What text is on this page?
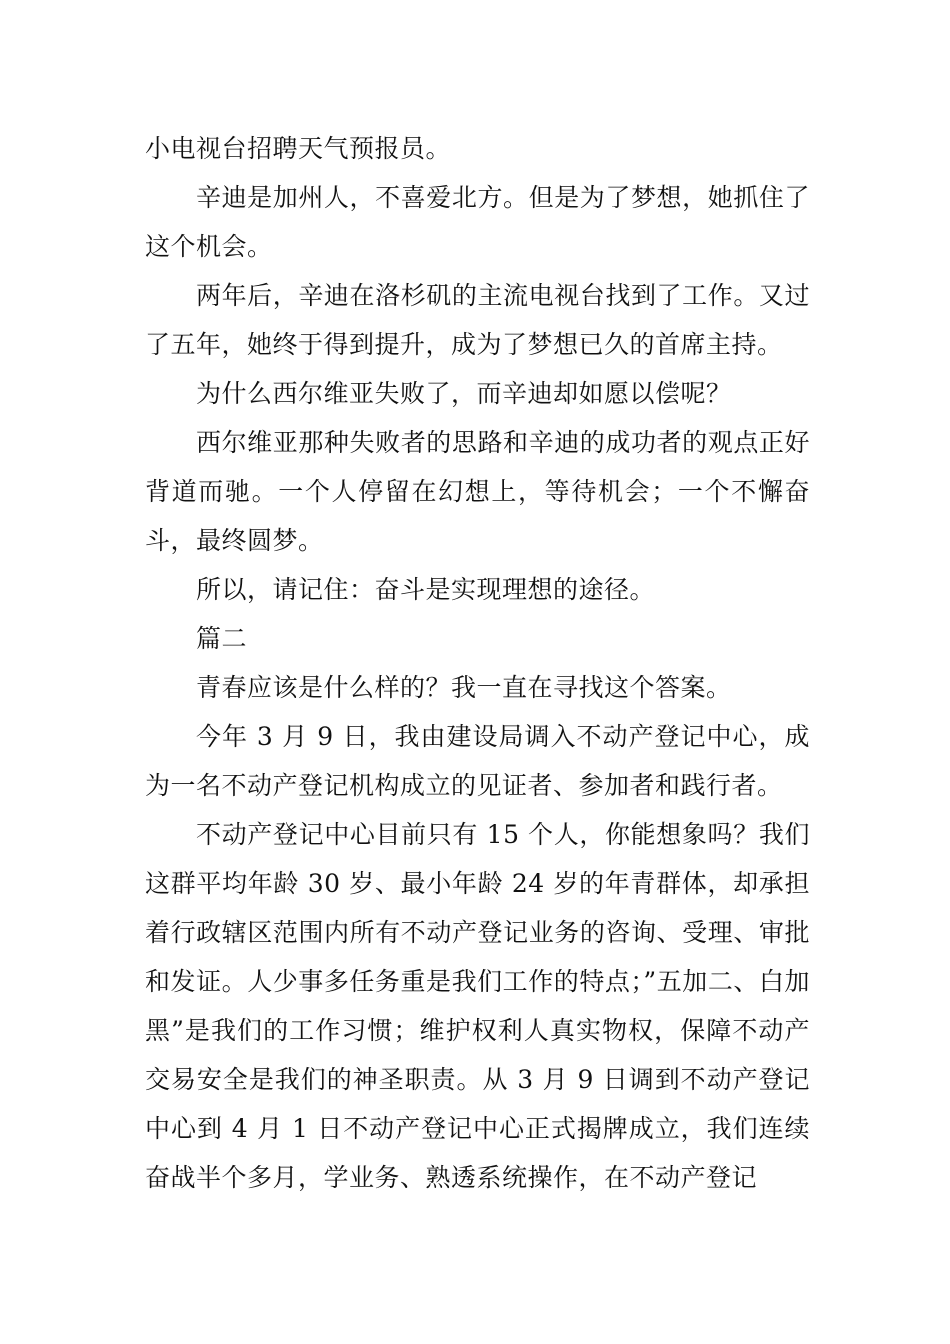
小电视台招聘天气预报员。

辛迪是加州人，不喜爱北方。但是为了梦想，她抓住了这个机会。

两年后，辛迪在洛杉矶的主流电视台找到了工作。又过了五年，她终于得到提升，成为了梦想已久的首席主持。

为什么西尔维亚失败了，而辛迪却如愿以偿呢？

西尔维亚那种失败者的思路和辛迪的成功者的观点正好背道而驰。一个人停留在幻想上，等待机会；一个不懈奋斗，最终圆梦。

所以，请记住：奋斗是实现理想的途径。

篇二

青春应该是什么样的？我一直在寻找这个答案。

今年 3 月 9 日，我由建设局调入不动产登记中心，成为一名不动产登记机构成立的见证者、参加者和践行者。

不动产登记中心目前只有 15 个人，你能想象吗？我们这群平均年龄 30 岁、最小年龄 24 岁的年青群体，却承担着行政辖区范围内所有不动产登记业务的咨询、受理、审批和发证。人少事多任务重是我们工作的特点；”五加二、白加黑”是我们的工作习惯；维护权利人真实物权，保障不动产交易安全是我们的神圣职责。从 3 月 9 日调到不动产登记中心到 4 月 1 日不动产登记中心正式揭牌成立，我们连续奋战半个多月，学业务、熟透系统操作，在不动产登记
